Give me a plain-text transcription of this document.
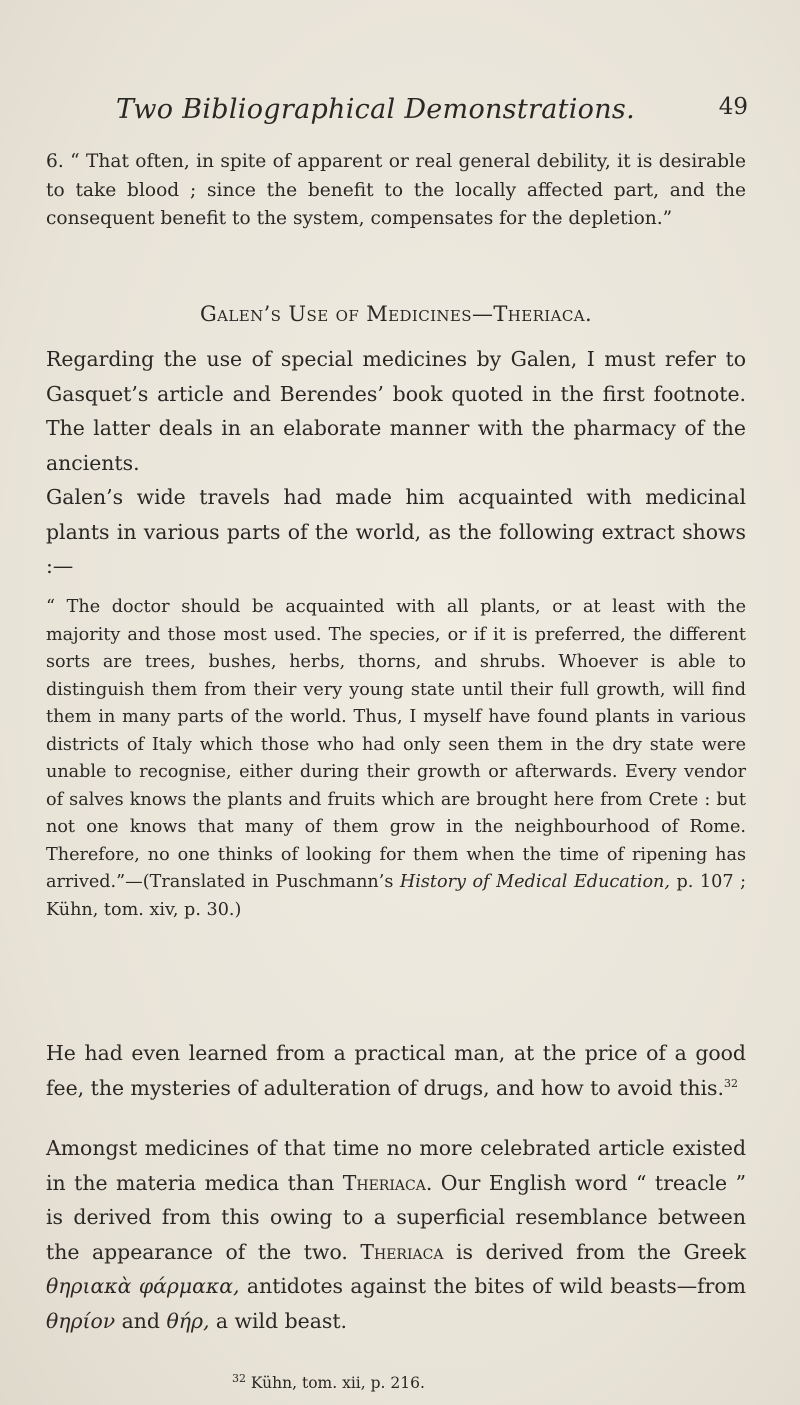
Two Bibliographical Demonstrations.	49

6. “ That often, in spite of apparent or real general debility, it is desirable to take blood ; since the benefit to the locally affected part, and the consequent benefit to the system, compensates for the depletion.”

Galen’s Use of Medicines—Theriaca.

Regarding the use of special medicines by Galen, I must refer to Gasquet’s article and Berendes’ book quoted in the first footnote. The latter deals in an elaborate manner with the pharmacy of the ancients.

Galen’s wide travels had made him acquainted with medicinal plants in various parts of the world, as the following extract shows :—

“ The doctor should be acquainted with all plants, or at least with the majority and those most used. The species, or if it is preferred, the different sorts are trees, bushes, herbs, thorns, and shrubs. Whoever is able to distinguish them from their very young state until their full growth, will find them in many parts of the world. Thus, I myself have found plants in various districts of Italy which those who had only seen them in the dry state were unable to recognise, either during their growth or afterwards. Every vendor of salves knows the plants and fruits which are brought here from Crete : but not one knows that many of them grow in the neighbourhood of Rome. Therefore, no one thinks of looking for them when the time of ripening has arrived.”—(Translated in Puschmann’s History of Medical Education, p. 107 ; Kühn, tom. xiv, p. 30.)

He had even learned from a practical man, at the price of a good fee, the mysteries of adulteration of drugs, and how to avoid this.$^{32}$

Amongst medicines of that time no more celebrated article existed in the materia medica than Theriaca. Our English word “ treacle ” is derived from this owing to a superficial resemblance between the appearance of the two. Theriaca is derived from the Greek θηριακὰ φάρμακα, antidotes against the bites of wild beasts—from θηρίον and θήρ, a wild beast.

$^{32}$ Kühn, tom. xii, p. 216.
